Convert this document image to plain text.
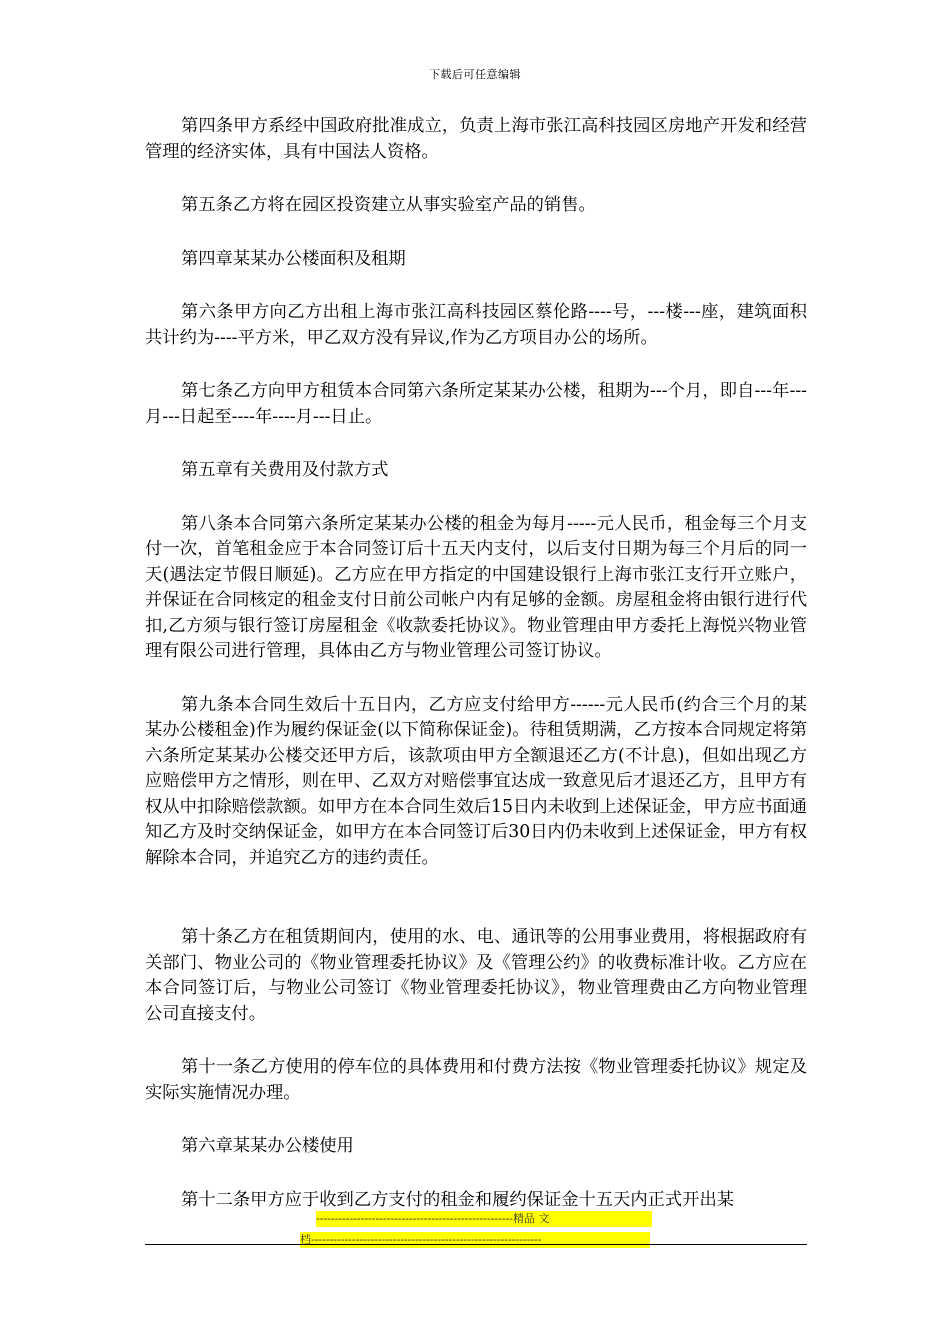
下载后可任意编辑

第四条甲方系经中国政府批准成立，负责上海市张江高科技园区房地产开发和经营管理的经济实体，具有中国法人资格。

第五条乙方将在园区投资建立从事实验室产品的销售。

第四章某某办公楼面积及租期

第六条甲方向乙方出租上海市张江高科技园区蔡伦路----号，---楼---座，建筑面积共计约为----平方米，甲乙双方没有异议,作为乙方项目办公的场所。

第七条乙方向甲方租赁本合同第六条所定某某办公楼，租期为---个月，即自---年---月---日起至----年----月---日止。

第五章有关费用及付款方式

第八条本合同第六条所定某某办公楼的租金为每月-----元人民币，租金每三个月支付一次，首笔租金应于本合同签订后十五天内支付，以后支付日期为每三个月后的同一天(遇法定节假日顺延)。乙方应在甲方指定的中国建设银行上海市张江支行开立账户，并保证在合同核定的租金支付日前公司帐户内有足够的金额。房屋租金将由银行进行代扣,乙方须与银行签订房屋租金《收款委托协议》。物业管理由甲方委托上海悦兴物业管理有限公司进行管理，具体由乙方与物业管理公司签订协议。

第九条本合同生效后十五日内，乙方应支付给甲方------元人民币(约合三个月的某某办公楼租金)作为履约保证金(以下简称保证金)。待租赁期满，乙方按本合同规定将第六条所定某某办公楼交还甲方后，该款项由甲方全额退还乙方(不计息)，但如出现乙方应赔偿甲方之情形，则在甲、乙双方对赔偿事宜达成一致意见后才退还乙方，且甲方有权从中扣除赔偿款额。如甲方在本合同生效后15日内未收到上述保证金，甲方应书面通知乙方及时交纳保证金，如甲方在本合同签订后30日内仍未收到上述保证金，甲方有权解除本合同，并追究乙方的违约责任。

第十条乙方在租赁期间内，使用的水、电、通讯等的公用事业费用，将根据政府有关部门、物业公司的《物业管理委托协议》及《管理公约》的收费标准计收。乙方应在本合同签订后，与物业公司签订《物业管理委托协议》，物业管理费由乙方向物业管理公司直接支付。

第十一条乙方使用的停车位的具体费用和付费方法按《物业管理委托协议》规定及实际实施情况办理。

第六章某某办公楼使用

第十二条甲方应于收到乙方支付的租金和履约保证金十五天内正式开出某

-----------------------------------------------------精品 文
档--------------------------------------------------------------
